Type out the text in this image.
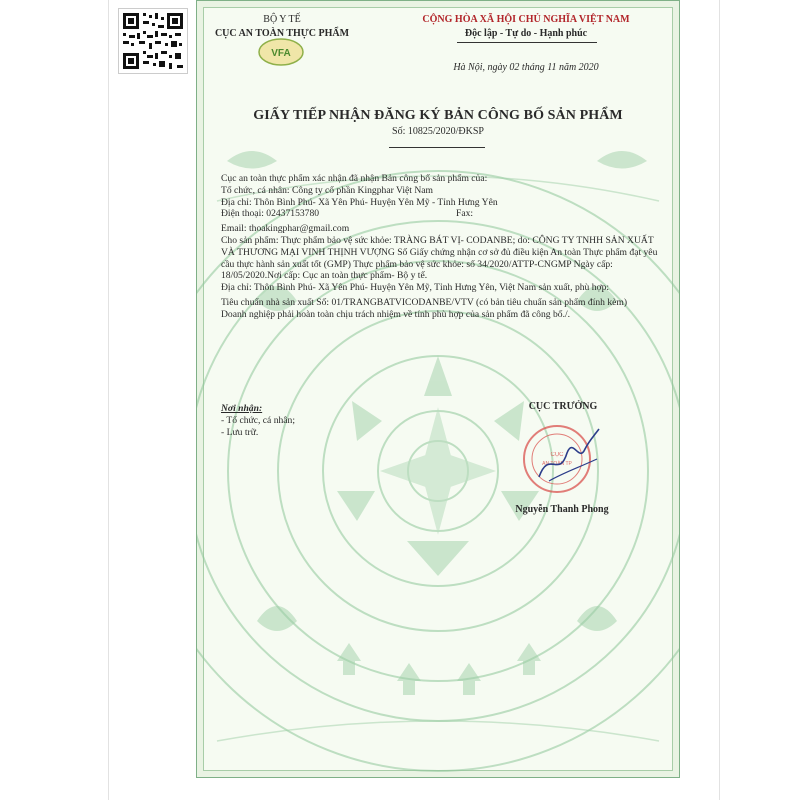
BỘ Y TẾ
CỤC AN TOÀN THỰC PHẨM
VFA
CỘNG HÒA XÃ HỘI CHỦ NGHĨA VIỆT NAM
Độc lập - Tự do - Hạnh phúc
Hà Nội, ngày 02 tháng 11 năm 2020
GIẤY TIẾP NHẬN ĐĂNG KÝ BẢN CÔNG BỐ SẢN PHẨM
Số: 10825/2020/ĐKSP

Cục an toàn thực phẩm xác nhận đã nhận Bản công bố sản phẩm của:

Tổ chức, cá nhân: Công ty cổ phần Kingphar Việt Nam

Địa chỉ: Thôn Bình Phú- Xã Yên Phú- Huyện Yên Mỹ - Tỉnh Hưng Yên

Điện thoại: 02437153780	Fax:

Email: thoakingphar@gmail.com

Cho sản phẩm: Thực phẩm bảo vệ sức khỏe: TRÀNG BÁT VỊ- CODANBE; do: CÔNG TY TNHH SẢN XUẤT VÀ THƯƠNG MẠI VINH THỊNH VƯỢNG Số Giấy chứng nhận cơ sở đủ điều kiện An toàn Thực phẩm đạt yêu cầu thực hành sản xuất tốt (GMP) Thực phẩm bảo vệ sức khỏe: số 34/2020/ATTP-CNGMP Ngày cấp: 18/05/2020.Nơi cấp: Cục an toàn thực phẩm- Bộ y tế.

Địa chỉ: Thôn Bình Phú- Xã Yên Phú- Huyện Yên Mỹ, Tỉnh Hưng Yên, Việt Nam sản xuất, phù hợp:

Tiêu chuẩn nhà sản xuất Số: 01/TRANGBATVICODANBE/VTV (có bản tiêu chuẩn sản phẩm đính kèm)

Doanh nghiệp phải hoàn toàn chịu trách nhiệm về tính phù hợp của sản phẩm đã công bố./.

Nơi nhận:
- Tổ chức, cá nhân;
- Lưu trữ.
CỤC TRƯỞNG
CỤC
AN TOÀN TP
Nguyễn Thanh Phong
